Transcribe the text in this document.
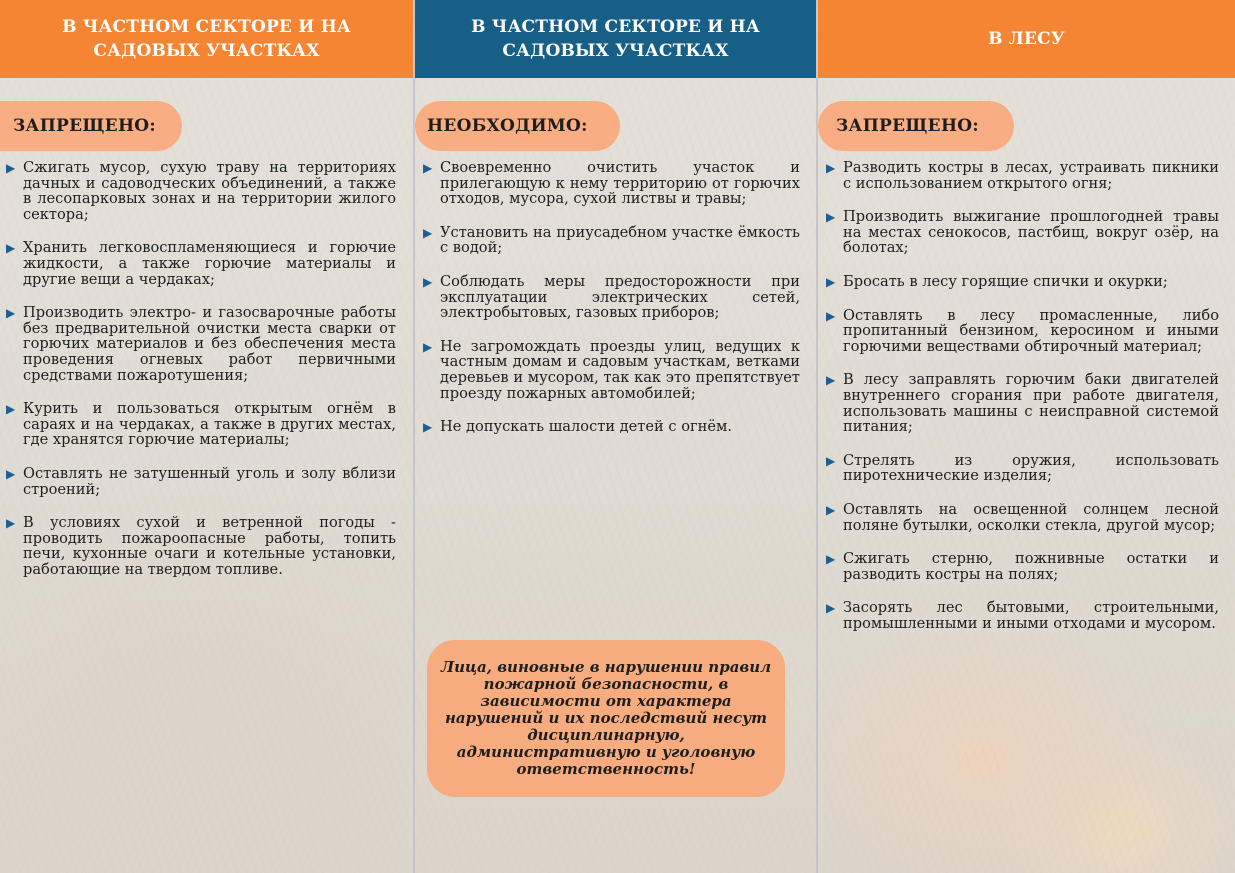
В ЧАСТНОМ СЕКТОРЕ И НА САДОВЫХ УЧАСТКАХ
ЗАПРЕЩЕНО:
▶ Сжигать мусор, сухую траву на территориях дачных и садоводческих объединений, а также в лесопарковых зонах и на территории жилого сектора;
▶ Хранить легковоспламеняющиеся и горючие жидкости, а также горючие материалы и другие вещи а чердаках;
▶ Производить электро- и газосварочные работы без предварительной очистки места сварки от горючих материалов и без обеспечения места проведения огневых работ первичными средствами пожаротушения;
▶ Курить и пользоваться открытым огнём в сараях и на чердаках, а также в других местах, где хранятся горючие материалы;
▶ Оставлять не затушенный уголь и золу вблизи строений;
▶ В условиях сухой и ветренной погоды - проводить пожароопасные работы, топить печи, кухонные очаги и котельные установки, работающие на твердом топливе.
В ЧАСТНОМ СЕКТОРЕ И НА САДОВЫХ УЧАСТКАХ
НЕОБХОДИМО:
▶ Своевременно очистить участок и прилегающую к нему территорию от горючих отходов, мусора, сухой листвы и травы;
▶ Установить на приусадебном участке ёмкость с водой;
▶ Соблюдать меры предосторожности при эксплуатации электрических сетей, электробытовых, газовых приборов;
▶ Не загромождать проезды улиц, ведущих к частным домам и садовым участкам, ветками деревьев и мусором, так как это препятствует проезду пожарных автомобилей;
▶ Не допускать шалости детей с огнём.
Лица, виновные в нарушении правил пожарной безопасности, в зависимости от характера нарушений и их последствий несут дисциплинарную, административную и уголовную ответственность!
В ЛЕСУ
ЗАПРЕЩЕНО:
▶ Разводить костры в лесах, устраивать пикники с использованием открытого огня;
▶ Производить выжигание прошлогодней травы на местах сенокосов, пастбищ, вокруг озёр, на болотах;
▶ Бросать в лесу горящие спички и окурки;
▶ Оставлять в лесу промасленные, либо пропитанный бензином, керосином и иными горючими веществами обтирочный материал;
▶ В лесу заправлять горючим баки двигателей внутреннего сгорания при работе двигателя, использовать машины с неисправной системой питания;
▶ Стрелять из оружия, использовать пиротехнические изделия;
▶ Оставлять на освещенной солнцем лесной поляне бутылки, осколки стекла, другой мусор;
▶ Сжигать стерню, пожнивные остатки и разводить костры на полях;
▶ Засорять лес бытовыми, строительными, промышленными и иными отходами и мусором.
